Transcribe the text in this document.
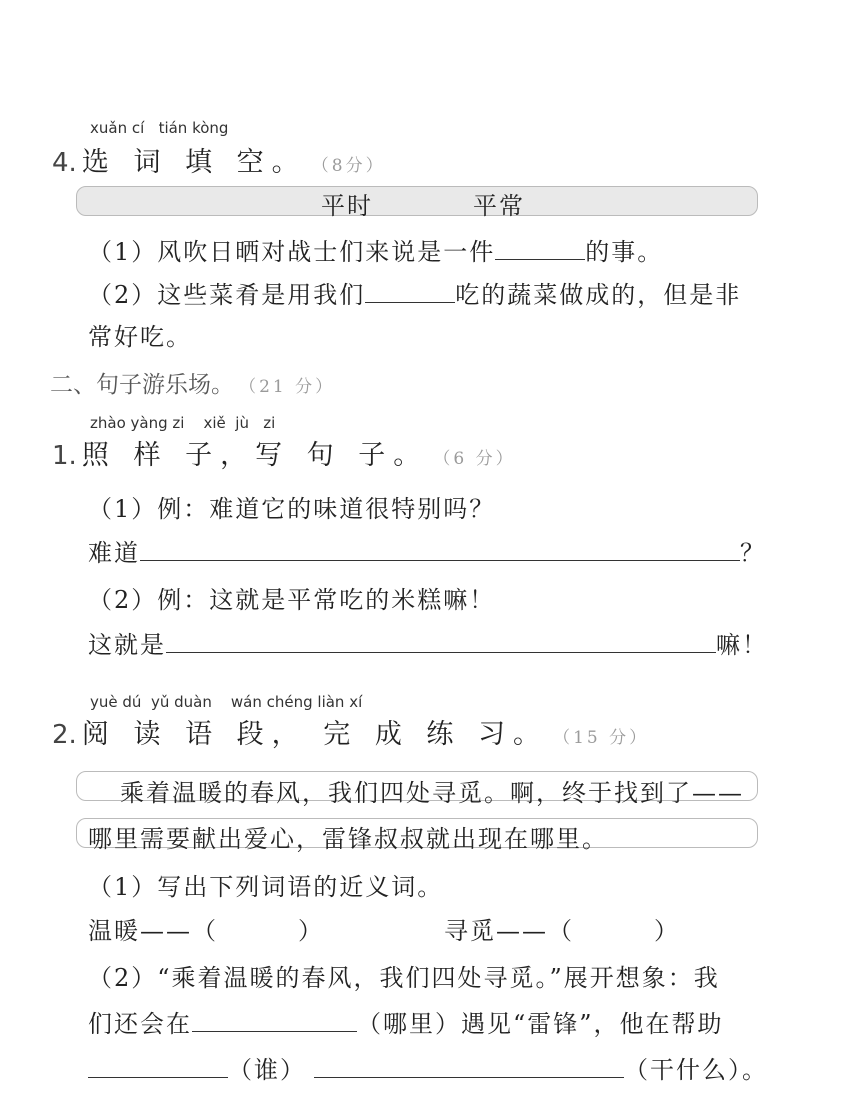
xuǎn cí   tián kòng
4. 选 词 填 空。 （8分）
平时	平常
（1）风吹日晒对战士们来说是一件	的事。
（2）这些菜肴是用我们	吃的蔬菜做成的，但是非
常好吃。
二、句子游乐场。 （21 分）
zhào yàng zi    xiě  jù   zi
1. 照 样 子，写 句 子。 （6 分）
（1）例：难道它的味道很特别吗？
难道	？
（2）例：这就是平常吃的米糕嘛！
这就是	嘛！
yuè dú  yǔ duàn    wán chéng liàn xí
2. 阅 读 语 段， 完 成 练 习。 （15 分）
乘着温暖的春风，我们四处寻觅。啊，终于找到了——
哪里需要献出爱心，雷锋叔叔就出现在哪里。
（1）写出下列词语的近义词。
温暖——（	）	寻觅——（	）
（2）“乘着温暖的春风，我们四处寻觅。”展开想象：我
们还会在	（哪里）遇见“雷锋”，他在帮助
（谁）	（干什么）。
